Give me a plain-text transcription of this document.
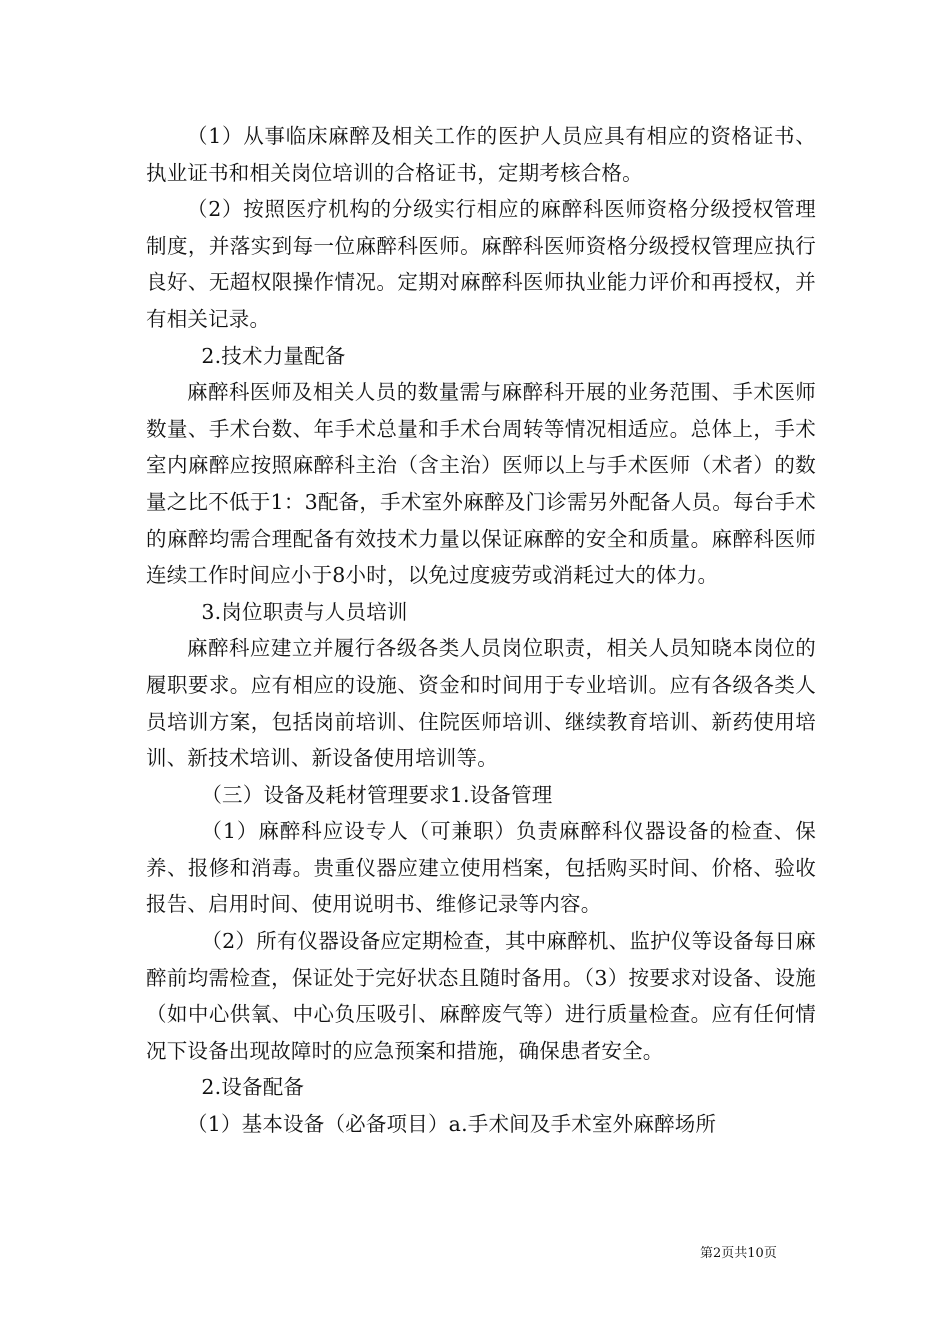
（1）从事临床麻醉及相关工作的医护人员应具有相应的资格证书、执业证书和相关岗位培训的合格证书，定期考核合格。

（2）按照医疗机构的分级实行相应的麻醉科医师资格分级授权管理制度，并落实到每一位麻醉科医师。麻醉科医师资格分级授权管理应执行良好、无超权限操作情况。定期对麻醉科医师执业能力评价和再授权，并有相关记录。

2.技术力量配备

麻醉科医师及相关人员的数量需与麻醉科开展的业务范围、手术医师数量、手术台数、年手术总量和手术台周转等情况相适应。总体上，手术室内麻醉应按照麻醉科主治（含主治）医师以上与手术医师（术者）的数量之比不低于1：3配备，手术室外麻醉及门诊需另外配备人员。每台手术的麻醉均需合理配备有效技术力量以保证麻醉的安全和质量。麻醉科医师连续工作时间应小于8小时，以免过度疲劳或消耗过大的体力。

3.岗位职责与人员培训

麻醉科应建立并履行各级各类人员岗位职责，相关人员知晓本岗位的履职要求。应有相应的设施、资金和时间用于专业培训。应有各级各类人员培训方案，包括岗前培训、住院医师培训、继续教育培训、新药使用培训、新技术培训、新设备使用培训等。

（三）设备及耗材管理要求1.设备管理

（1）麻醉科应设专人（可兼职）负责麻醉科仪器设备的检查、保养、报修和消毒。贵重仪器应建立使用档案，包括购买时间、价格、验收报告、启用时间、使用说明书、维修记录等内容。

（2）所有仪器设备应定期检查，其中麻醉机、监护仪等设备每日麻醉前均需检查，保证处于完好状态且随时备用。（3）按要求对设备、设施（如中心供氧、中心负压吸引、麻醉废气等）进行质量检查。应有任何情况下设备出现故障时的应急预案和措施，确保患者安全。

2.设备配备

（1）基本设备（必备项目）a.手术间及手术室外麻醉场所

第2页共10页
